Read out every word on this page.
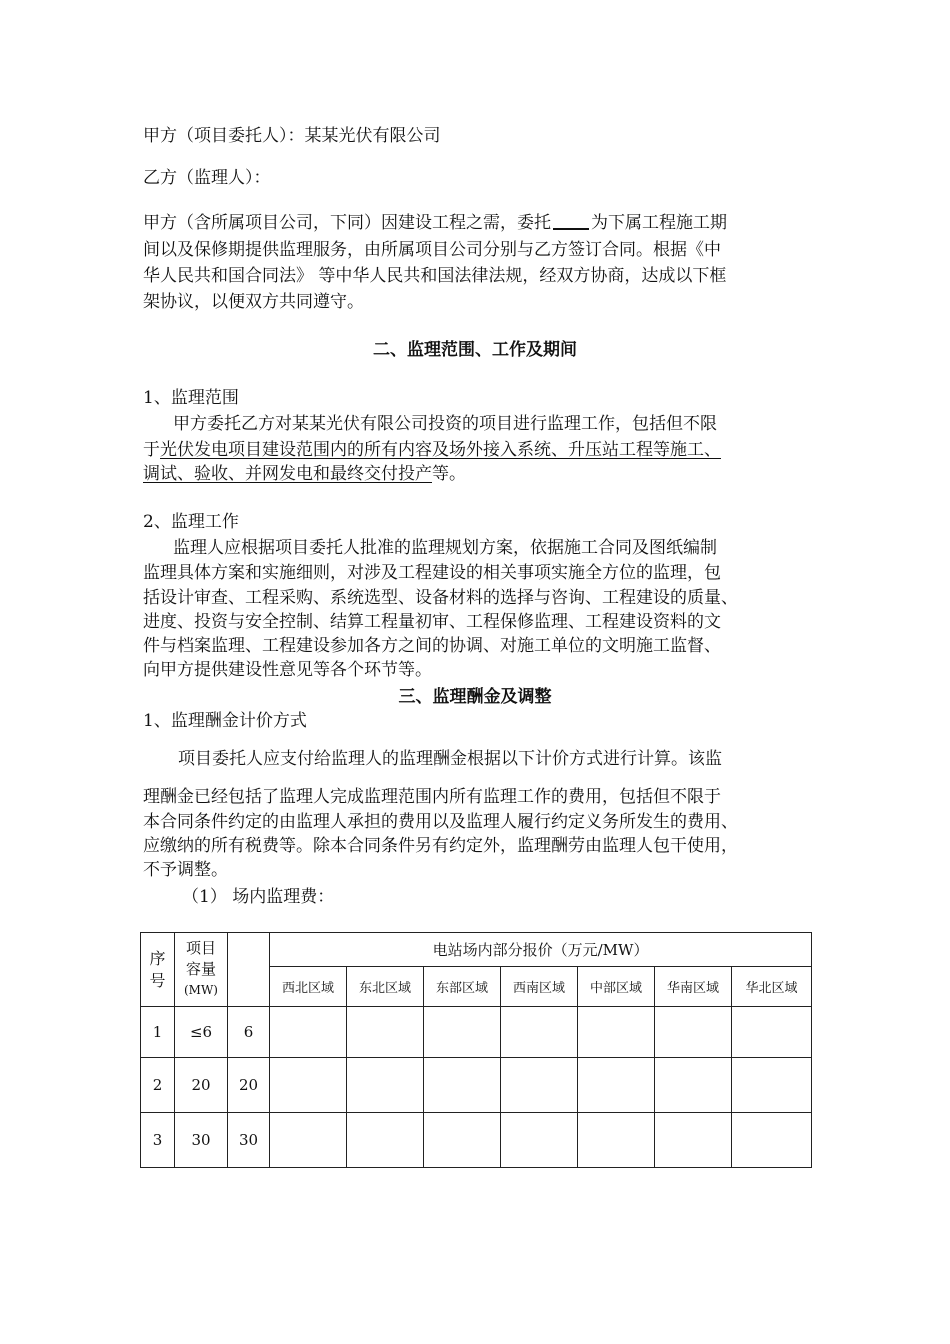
甲方（项目委托人）：某某光伏有限公司
乙方（监理人）：
甲方（含所属项目公司，下同）因建设工程之需，委托 为下属工程施工期
间以及保修期提供监理服务，由所属项目公司分别与乙方签订合同。根据《中
华人民共和国合同法》 等中华人民共和国法律法规，经双方协商，达成以下框
架协议，以便双方共同遵守。
二、监理范围、工作及期间
1、监理范围
甲方委托乙方对某某光伏有限公司投资的项目进行监理工作，包括但不限
于光伏发电项目建设范围内的所有内容及场外接入系统、升压站工程等施工、
调试、验收、并网发电和最终交付投产等。
2、监理工作
监理人应根据项目委托人批准的监理规划方案，依据施工合同及图纸编制
监理具体方案和实施细则，对涉及工程建设的相关事项实施全方位的监理，包
括设计审查、工程采购、系统选型、设备材料的选择与咨询、工程建设的质量、
进度、投资与安全控制、结算工程量初审、工程保修监理、工程建设资料的文
件与档案监理、工程建设参加各方之间的协调、对施工单位的文明施工监督、
向甲方提供建设性意见等各个环节等。
三、监理酬金及调整
1、监理酬金计价方式
项目委托人应支付给监理人的监理酬金根据以下计价方式进行计算。该监
理酬金已经包括了监理人完成监理范围内所有监理工作的费用，包括但不限于
本合同条件约定的由监理人承担的费用以及监理人履行约定义务所发生的费用、
应缴纳的所有税费等。除本合同条件另有约定外，监理酬劳由监理人包干使用，
不予调整。
（1） 场内监理费：
序号	项目
容量
(MW)		电站场内部分报价（万元/MW）						
			西北区域	东北区域	东部区域	西南区域	中部区域	华南区域	华北区域
1	≤6	6							
2	20	20							
3	30	30							
